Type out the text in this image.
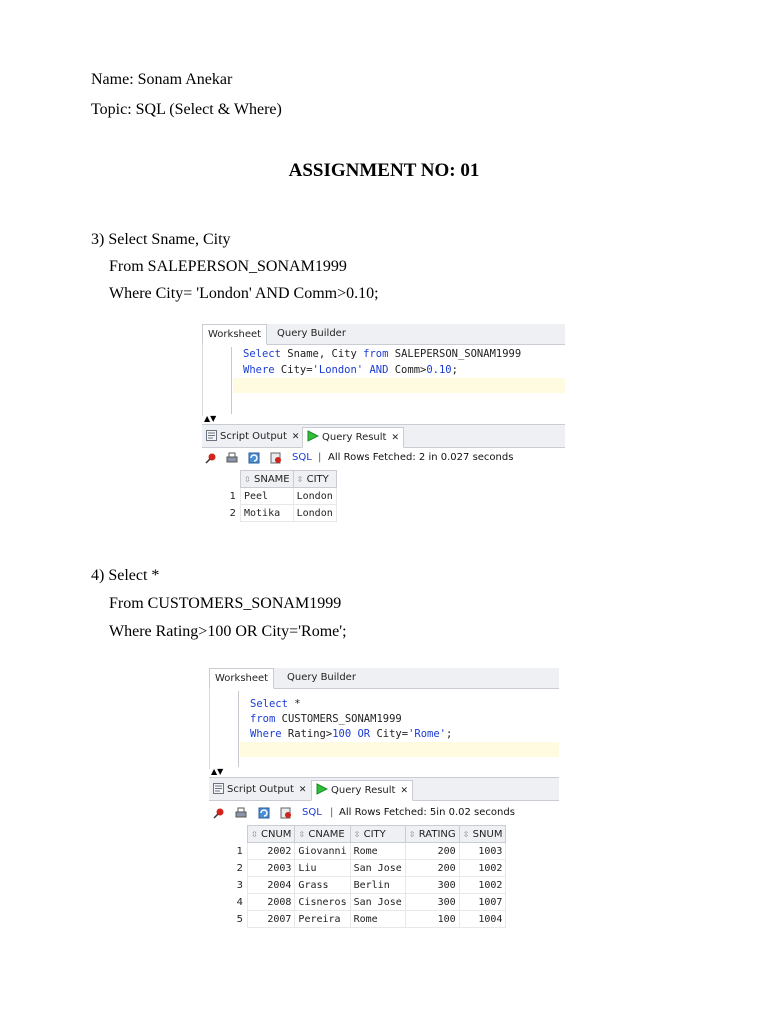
Name: Sonam Anekar
Topic: SQL (Select & Where)
ASSIGNMENT NO: 01
3) Select Sname, City
From SALEPERSON_SONAM1999
Where City= 'London' AND Comm>0.10;
Worksheet	Query Builder
Select Sname, City from SALEPERSON_SONAM1999
Where City='London' AND Comm>0.10;
▲▼
Script Output ✕	Query Result ✕
SQL | All Rows Fetched: 2 in 0.027 seconds
	⇳ SNAME	⇳ CITY
1	Peel	London
2	Motika	London
4) Select *
From CUSTOMERS_SONAM1999
Where Rating>100 OR City='Rome';
Worksheet	Query Builder
Select *
from CUSTOMERS_SONAM1999
Where Rating>100 OR City='Rome';
▲▼
Script Output ✕	Query Result ✕
SQL | All Rows Fetched: 5in 0.02 seconds
	⇳ CNUM	⇳ CNAME	⇳ CITY	⇳ RATING	⇳ SNUM
1	2002	Giovanni	Rome	200	1003
2	2003	Liu	San Jose	200	1002
3	2004	Grass	Berlin	300	1002
4	2008	Cisneros	San Jose	300	1007
5	2007	Pereira	Rome	100	1004
